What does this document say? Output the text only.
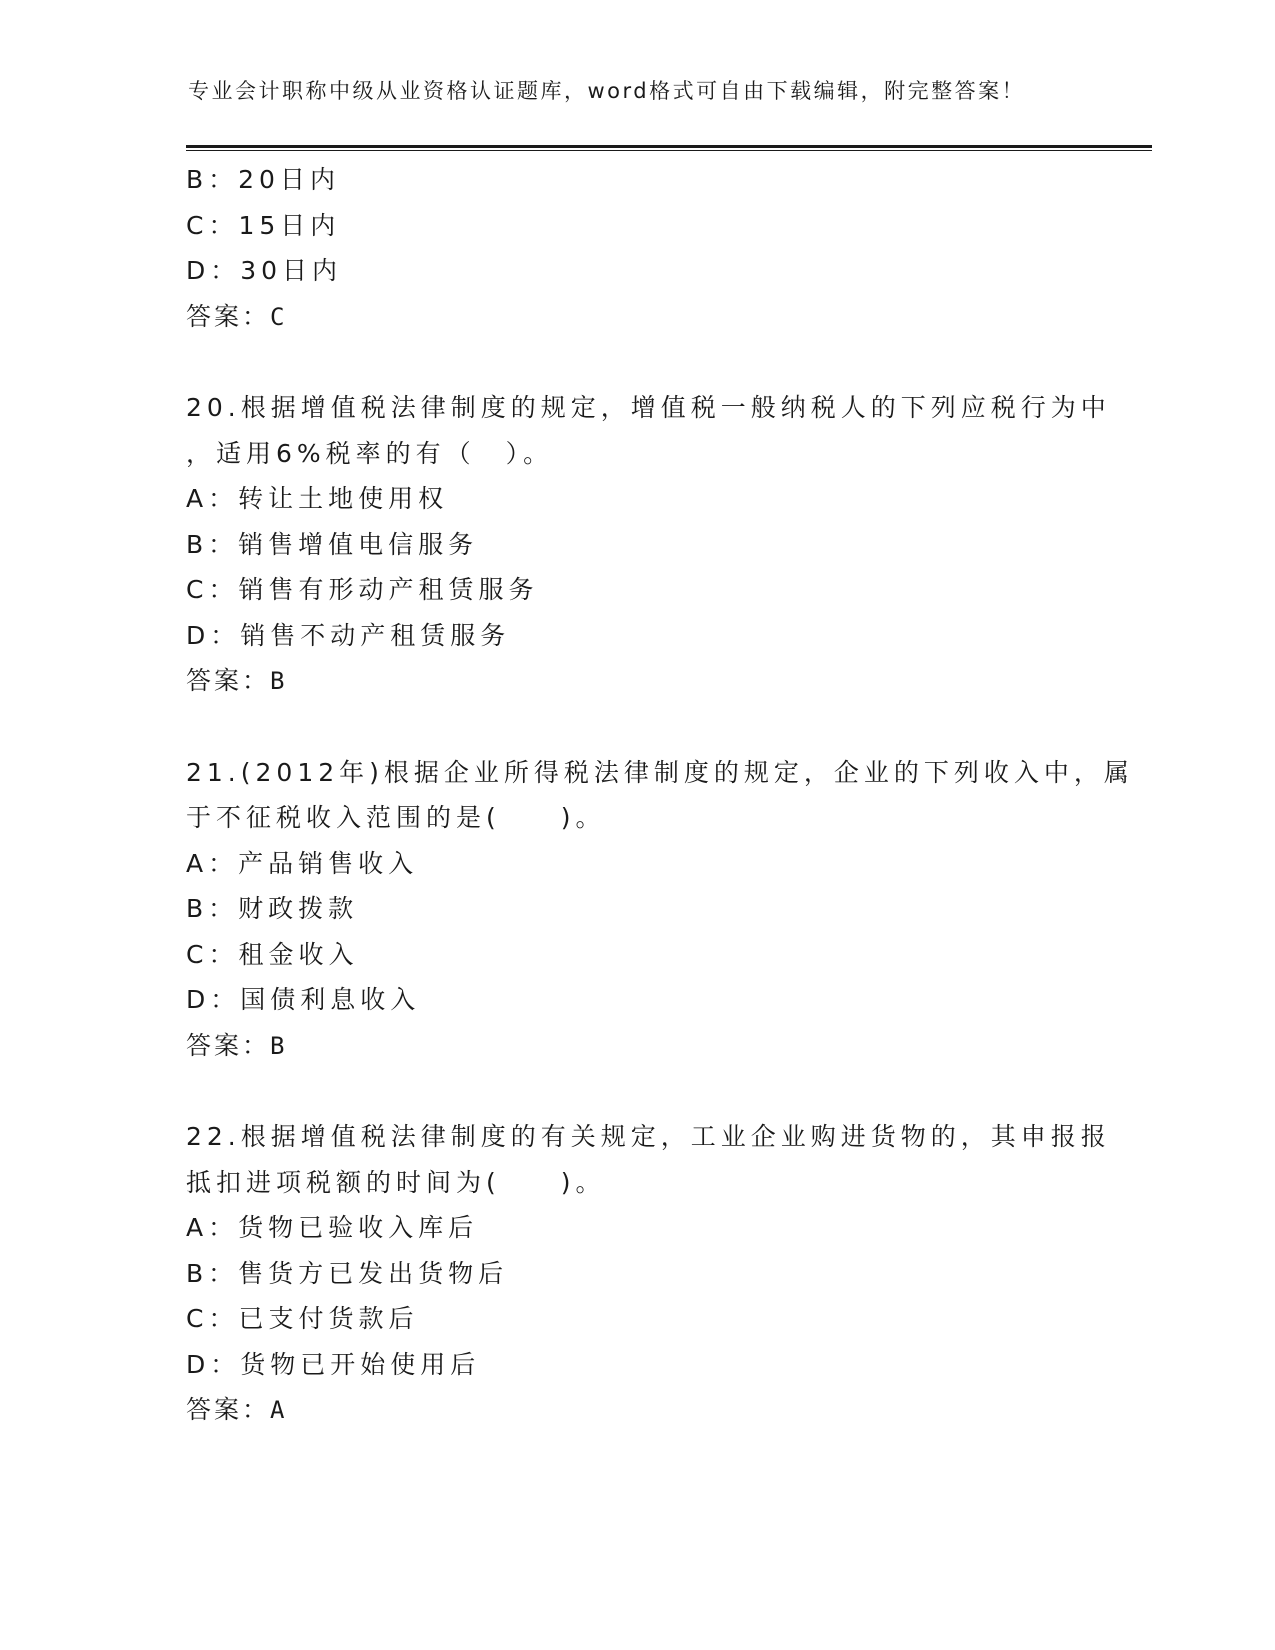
专业会计职称中级从业资格认证题库，word格式可自由下载编辑，附完整答案！
B：20日内
C：15日内
D：30日内
答案：C
20.根据增值税法律制度的规定，增值税一般纳税人的下列应税行为中
，适用6%税率的有（　）。
A：转让土地使用权
B：销售增值电信服务
C：销售有形动产租赁服务
D：销售不动产租赁服务
答案：B
21.(2012年)根据企业所得税法律制度的规定，企业的下列收入中，属
于不征税收入范围的是(　　)。
A：产品销售收入
B：财政拨款
C：租金收入
D：国债利息收入
答案：B
22.根据增值税法律制度的有关规定，工业企业购进货物的，其申报报
抵扣进项税额的时间为(　　)。
A：货物已验收入库后
B：售货方已发出货物后
C：已支付货款后
D：货物已开始使用后
答案：A
